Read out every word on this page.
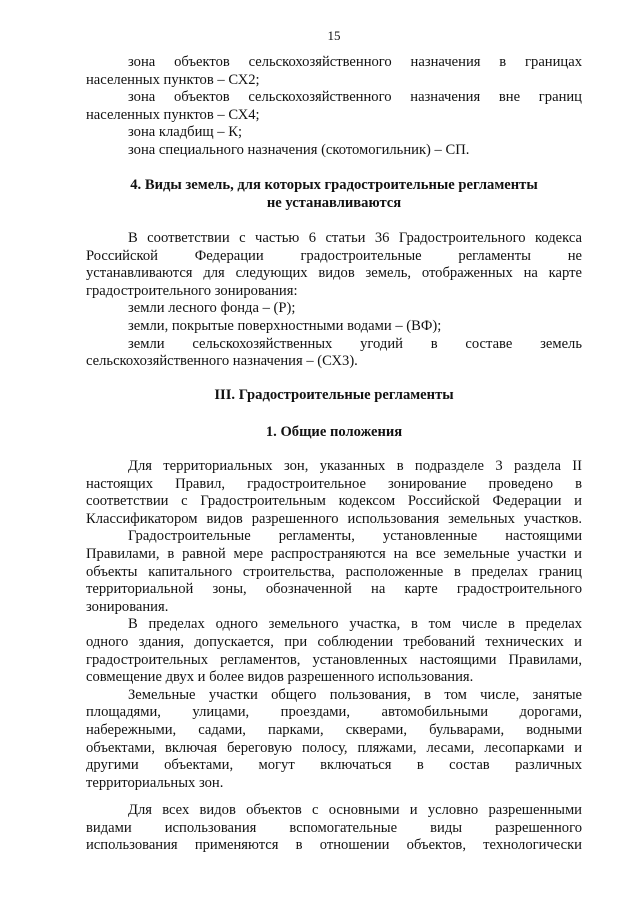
15
зона объектов сельскохозяйственного назначения в границах
населенных пунктов – СХ2;
зона объектов сельскохозяйственного назначения вне границ
населенных пунктов – СХ4;
зона кладбищ – К;
зона специального назначения (скотомогильник) – СП.
4. Виды земель, для которых градостроительные регламенты
не устанавливаются
В соответствии с частью 6 статьи 36 Градостроительного кодекса
Российской Федерации градостроительные регламенты не
устанавливаются для следующих видов земель, отображенных на карте
градостроительного зонирования:
земли лесного фонда – (Р);
земли, покрытые поверхностными водами – (ВФ);
земли сельскохозяйственных угодий в составе земель
сельскохозяйственного назначения – (СХ3).
III. Градостроительные регламенты
1. Общие положения
Для территориальных зон, указанных в подразделе 3 раздела II
настоящих Правил, градостроительное зонирование проведено в
соответствии с Градостроительным кодексом Российской Федерации и
Классификатором видов разрешенного использования земельных участков.
Градостроительные регламенты, установленные настоящими
Правилами, в равной мере распространяются на все земельные участки и
объекты капитального строительства, расположенные в пределах границ
территориальной зоны, обозначенной на карте градостроительного
зонирования.
В пределах одного земельного участка, в том числе в пределах
одного здания, допускается, при соблюдении требований технических и
градостроительных регламентов, установленных настоящими Правилами,
совмещение двух и более видов разрешенного использования.
Земельные участки общего пользования, в том числе, занятые
площадями, улицами, проездами, автомобильными дорогами,
набережными, садами, парками, скверами, бульварами, водными
объектами, включая береговую полосу, пляжами, лесами, лесопарками и
другими объектами, могут включаться в состав различных
территориальных зон.
Для всех видов объектов с основными и условно разрешенными
видами использования вспомогательные виды разрешенного
использования применяются в отношении объектов, технологически
